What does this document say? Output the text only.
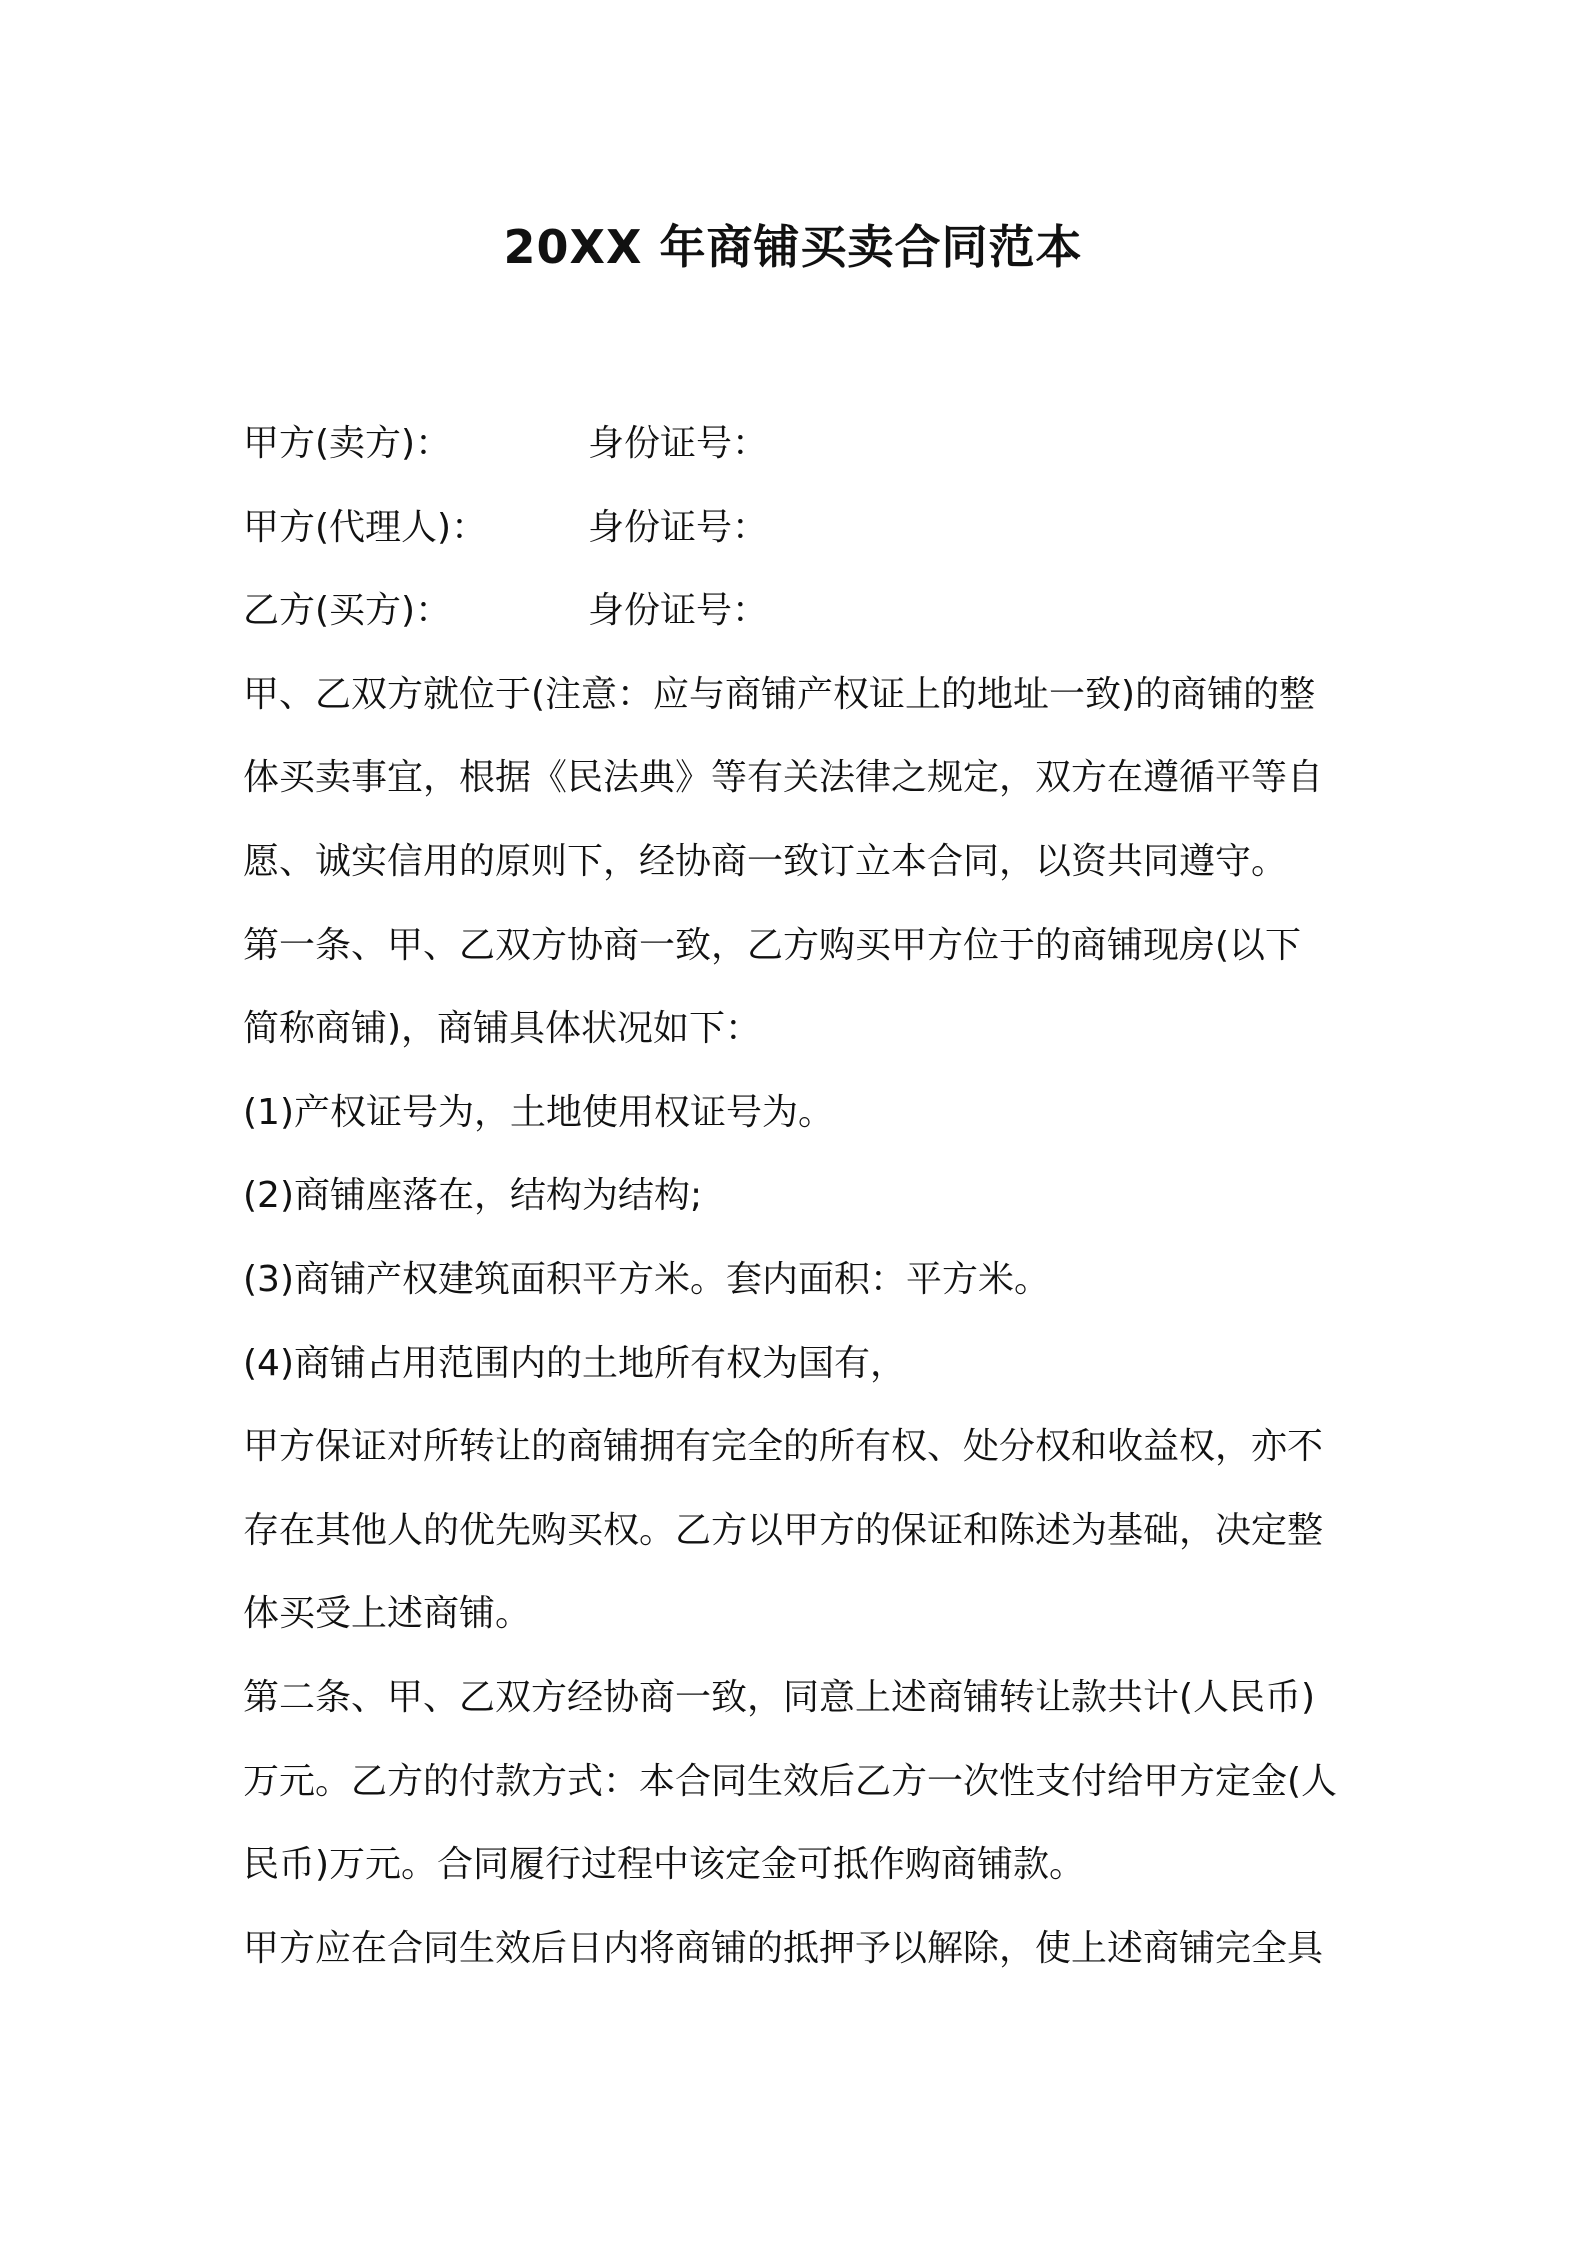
20XX 年商铺买卖合同范本
甲方(卖方)：	身份证号：
甲方(代理人)：	身份证号：
乙方(买方)：	身份证号：

甲、乙双方就位于(注意：应与商铺产权证上的地址一致)的商铺的整

体买卖事宜，根据《民法典》等有关法律之规定，双方在遵循平等自

愿、诚实信用的原则下，经协商一致订立本合同，以资共同遵守。

第一条、甲、乙双方协商一致，乙方购买甲方位于的商铺现房(以下

简称商铺)，商铺具体状况如下：

(1)产权证号为，土地使用权证号为。

(2)商铺座落在，结构为结构;

(3)商铺产权建筑面积平方米。套内面积：平方米。

(4)商铺占用范围内的土地所有权为国有，

甲方保证对所转让的商铺拥有完全的所有权、处分权和收益权，亦不

存在其他人的优先购买权。乙方以甲方的保证和陈述为基础，决定整

体买受上述商铺。

第二条、甲、乙双方经协商一致，同意上述商铺转让款共计(人民币)

万元。乙方的付款方式：本合同生效后乙方一次性支付给甲方定金(人

民币)万元。合同履行过程中该定金可抵作购商铺款。

甲方应在合同生效后日内将商铺的抵押予以解除，使上述商铺完全具
